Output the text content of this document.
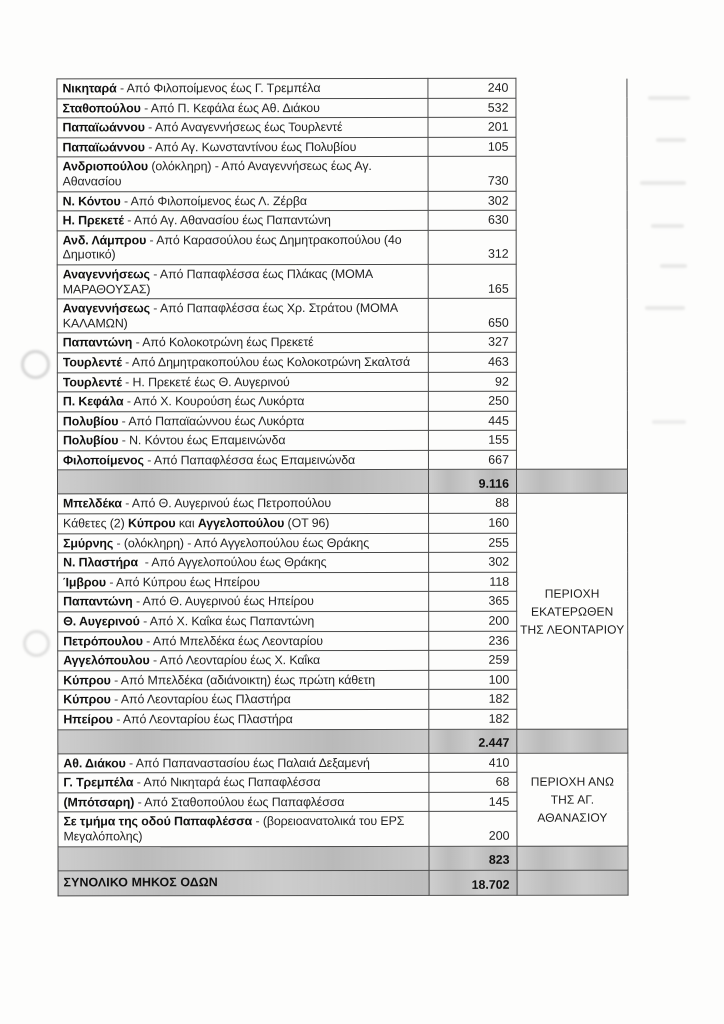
Νικηταρά - Από Φιλοποίμενος έως Γ. Τρεμπέλα	240	
Σταθοπούλου - Από Π. Κεφάλα έως Αθ. Διάκου	532	
Παπαϊωάννου - Από Αναγεννήσεως έως Τουρλεντέ	201	
Παπαϊωάννου - Από Αγ. Κωνσταντίνου έως Πολυβίου	105	
Ανδριοπούλου (ολόκληρη) - Από Αναγεννήσεως έως Αγ.
Αθανασίου	730	
Ν. Κόντου - Από Φιλοποίμενος έως Λ. Ζέρβα	302	
Η. Πρεκετέ - Από Αγ. Αθανασίου έως Παπαντώνη	630	
Ανδ. Λάμπρου - Από Καρασούλου έως Δημητρακοπούλου (4ο
Δημοτικό)	312	
Αναγεννήσεως - Από Παπαφλέσσα έως Πλάκας (ΜΟΜΑ
ΜΑΡΑΘΟΥΣΑΣ)	165	
Αναγεννήσεως - Από Παπαφλέσσα έως Χρ. Στράτου (ΜΟΜΑ
ΚΑΛΑΜΩΝ)	650	
Παπαντώνη - Από Κολοκοτρώνη έως Πρεκετέ	327	
Τουρλεντέ - Από Δημητρακοπούλου έως Κολοκοτρώνη Σκαλτσά	463	
Τουρλεντέ - Η. Πρεκετέ έως Θ. Αυγερινού	92	
Π. Κεφάλα - Από Χ. Κουρούση έως Λυκόρτα	250	
Πολυβίου - Από Παπαϊαώννου έως Λυκόρτα	445	
Πολυβίου - Ν. Κόντου έως Επαμεινώνδα	155	
Φιλοποίμενος - Από Παπαφλέσσα έως Επαμεινώνδα	667	
	9.116	
Μπελδέκα - Από Θ. Αυγερινού έως Πετροπούλου	88	ΠΕΡΙΟΧΗ
ΕΚΑΤΕΡΩΘΕΝ
ΤΗΣ ΛΕΟΝΤΑΡΙΟΥ

Κάθετες (2) Κύπρου και Αγγελοπούλου (ΟΤ 96)	160	
Σμύρνης - (ολόκληρη) - Από Αγγελοπούλου έως Θράκης	255	
Ν. Πλαστήρα  - Από Αγγελοπούλου έως Θράκης	302	
Ίμβρου - Από Κύπρου έως Ηπείρου	118	
Παπαντώνη - Από Θ. Αυγερινού έως Ηπείρου	365	
Θ. Αυγερινού - Από Χ. Καΐκα έως Παπαντώνη	200	
Πετρόπουλου - Από Μπελδέκα έως Λεονταρίου	236	
Αγγελόπουλου - Από Λεονταρίου έως Χ. Καΐκα	259	
Κύπρου - Από Μπελδέκα (αδιάνοικτη) έως πρώτη κάθετη	100	
Κύπρου - Από Λεονταρίου έως Πλαστήρα	182	
Ηπείρου - Από Λεονταρίου έως Πλαστήρα	182	
	2.447	
Αθ. Διάκου - Από Παπαναστασίου έως Παλαιά Δεξαμενή	410	ΠΕΡΙΟΧΗ ΑΝΩ
ΤΗΣ ΑΓ.
ΑΘΑΝΑΣΙΟΥ

Γ. Τρεμπέλα - Από Νικηταρά έως Παπαφλέσσα	68	
(Μπότσαρη) - Από Σταθοπούλου έως Παπαφλέσσα	145	
Σε τμήμα της οδού Παπαφλέσσα - (βορειοανατολικά του ΕΡΣ
Μεγαλόπολης)	200	
	823	
ΣΥΝΟΛΙΚΟ ΜΗΚΟΣ ΟΔΩΝ	18.702	
